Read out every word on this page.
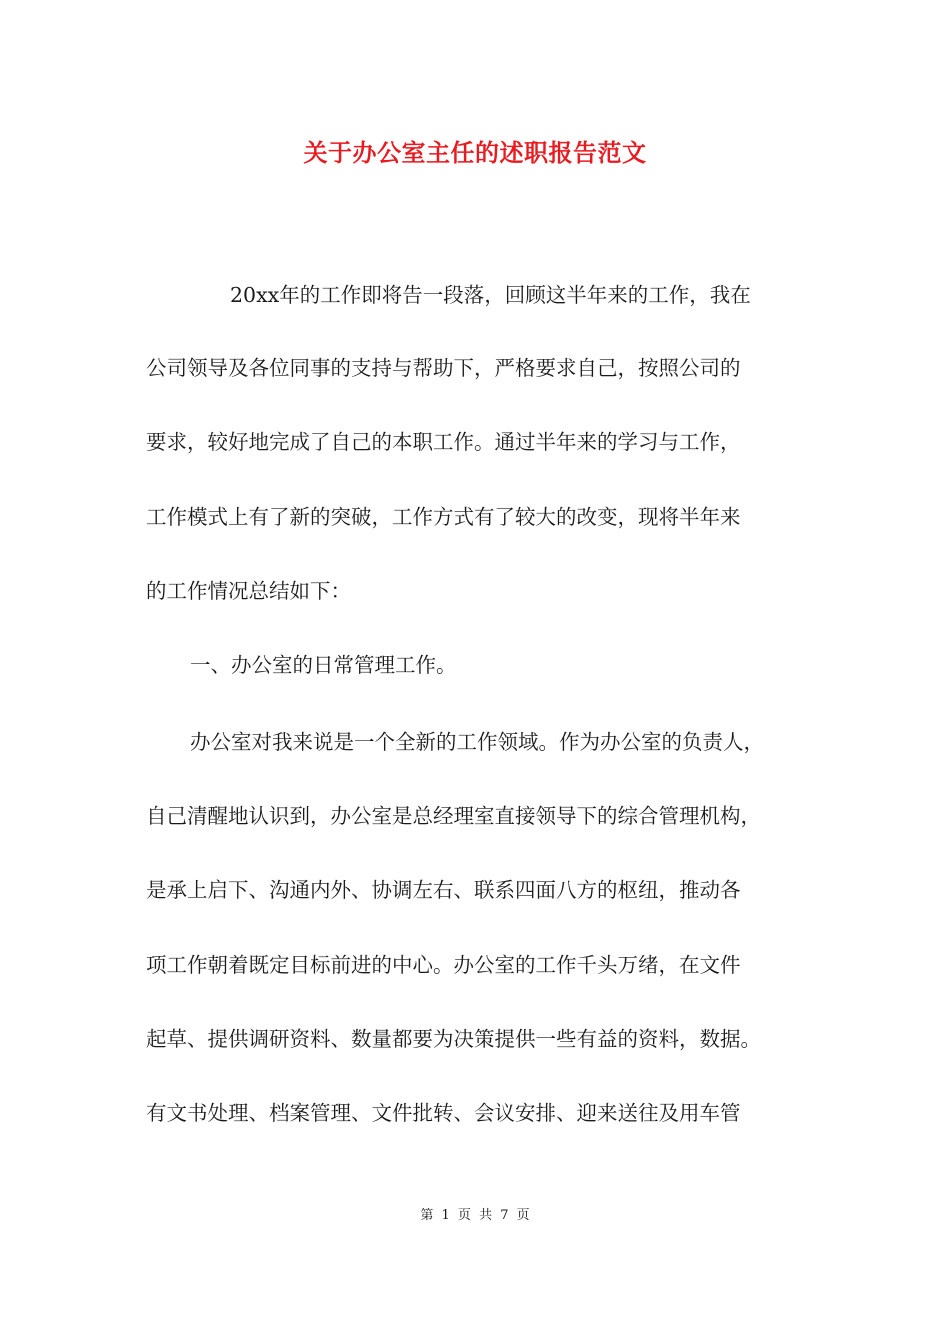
关于办公室主任的述职报告范文

20xx年的工作即将告一段落，回顾这半年来的工作，我在

公司领导及各位同事的支持与帮助下，严格要求自己，按照公司的

要求，较好地完成了自己的本职工作。通过半年来的学习与工作，

工作模式上有了新的突破，工作方式有了较大的改变，现将半年来

的工作情况总结如下：

一、办公室的日常管理工作。

办公室对我来说是一个全新的工作领域。作为办公室的负责人，

自己清醒地认识到，办公室是总经理室直接领导下的综合管理机构，

是承上启下、沟通内外、协调左右、联系四面八方的枢纽，推动各

项工作朝着既定目标前进的中心。办公室的工作千头万绪，在文件

起草、提供调研资料、数量都要为决策提供一些有益的资料，数据。

有文书处理、档案管理、文件批转、会议安排、迎来送往及用车管

第 1 页 共 7 页
